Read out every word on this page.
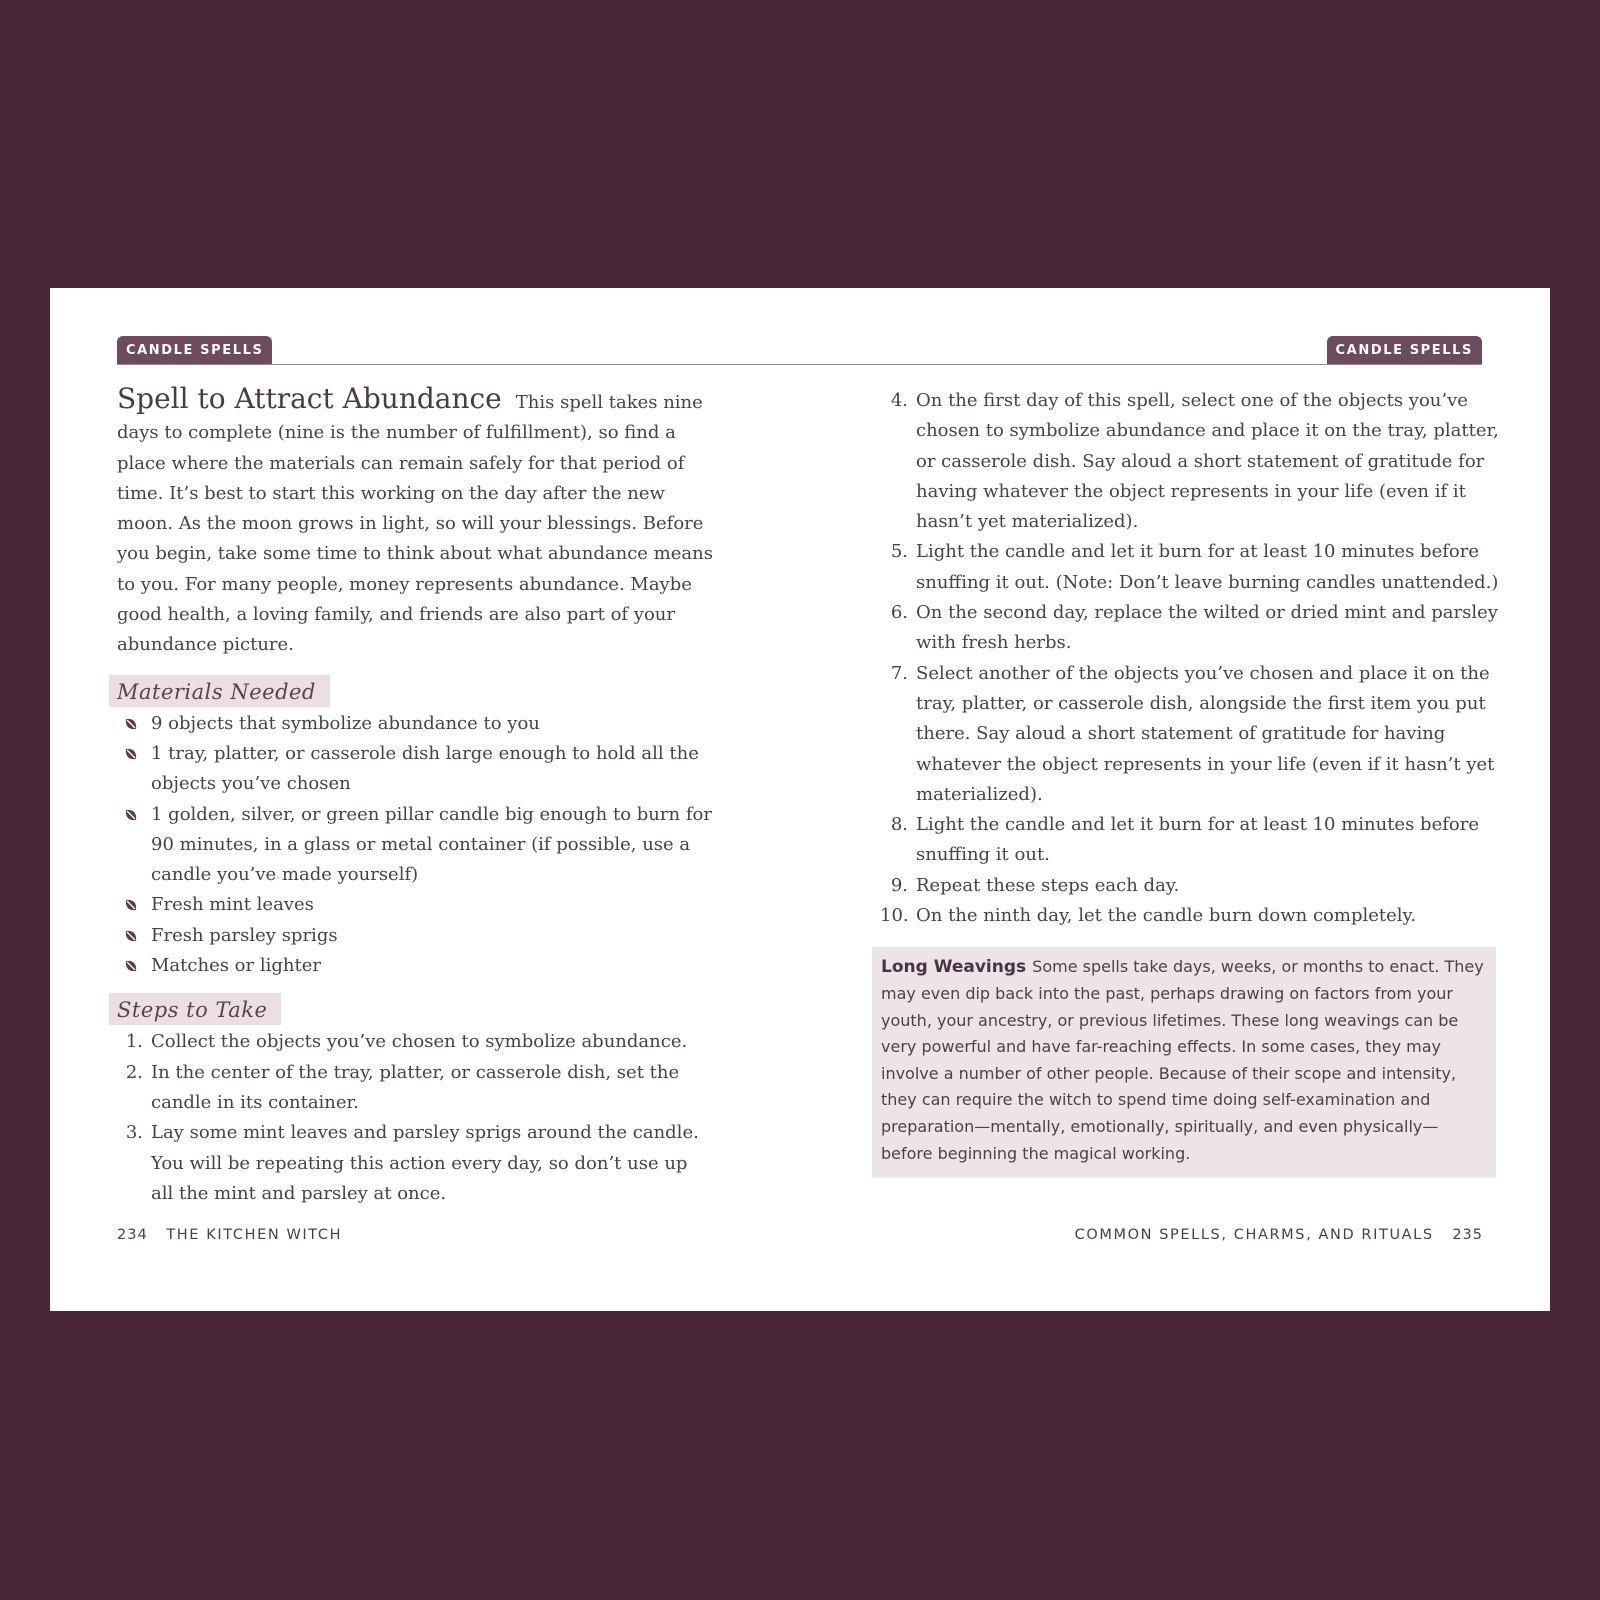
CANDLE SPELLS	CANDLE SPELLS

Spell to Attract Abundance This spell takes nine days to complete (nine is the number of fulfillment), so find a place where the materials can remain safely for that period of time. It’s best to start this working on the day after the new moon. As the moon grows in light, so will your blessings. Before you begin, take some time to think about what abundance means to you. For many people, money represents abundance. Maybe good health, a loving family, and friends are also part of your abundance picture.

Materials Needed
9 objects that symbolize abundance to you
1 tray, platter, or casserole dish large enough to hold all the objects you’ve chosen
1 golden, silver, or green pillar candle big enough to burn for 90 minutes, in a glass or metal container (if possible, use a candle you’ve made yourself)
Fresh mint leaves
Fresh parsley sprigs
Matches or lighter
Steps to Take
1. Collect the objects you’ve chosen to symbolize abundance.
2. In the center of the tray, platter, or casserole dish, set the candle in its container.
3. Lay some mint leaves and parsley sprigs around the candle. You will be repeating this action every day, so don’t use up all the mint and parsley at once.
4. On the first day of this spell, select one of the objects you’ve chosen to symbolize abundance and place it on the tray, platter, or casserole dish. Say aloud a short statement of gratitude for having whatever the object represents in your life (even if it hasn’t yet materialized).
5. Light the candle and let it burn for at least 10 minutes before snuffing it out. (Note: Don’t leave burning candles unattended.)
6. On the second day, replace the wilted or dried mint and parsley with fresh herbs.
7. Select another of the objects you’ve chosen and place it on the tray, platter, or casserole dish, alongside the first item you put there. Say aloud a short statement of gratitude for having whatever the object represents in your life (even if it hasn’t yet materialized).
8. Light the candle and let it burn for at least 10 minutes before snuffing it out.
9. Repeat these steps each day.
10. On the ninth day, let the candle burn down completely.
Long Weavings Some spells take days, weeks, or months to enact. They may even dip back into the past, perhaps drawing on factors from your youth, your ancestry, or previous lifetimes. These long weavings can be very powerful and have far-reaching effects. In some cases, they may involve a number of other people. Because of their scope and intensity, they can require the witch to spend time doing self-examination and preparation—mentally, emotionally, spiritually, and even physically—before beginning the magical working.
234 THE KITCHEN WITCH	COMMON SPELLS, CHARMS, AND RITUALS 235
